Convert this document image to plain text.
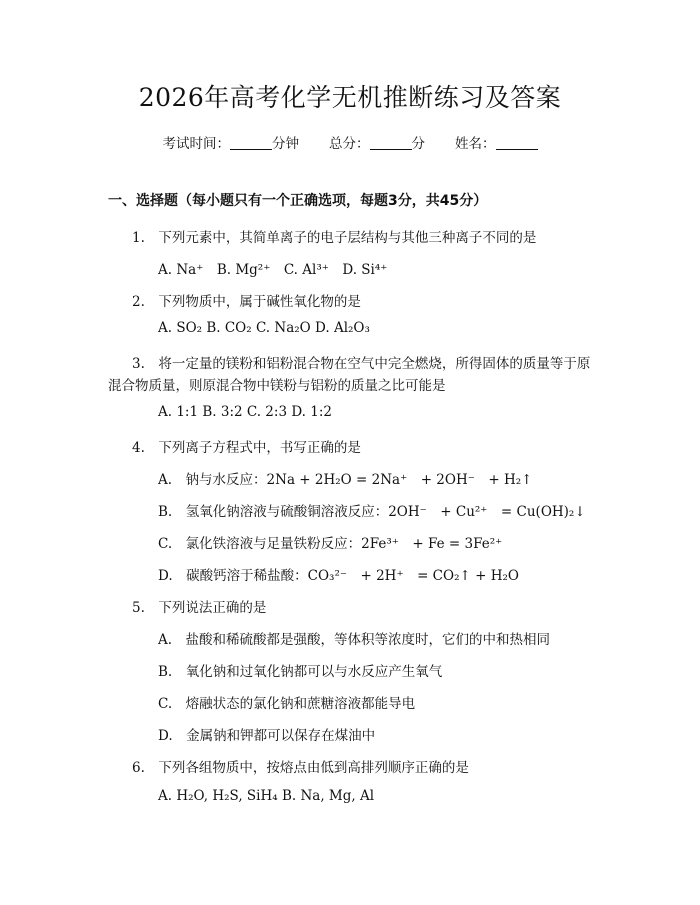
2026年高考化学无机推断练习及答案
考试时间：	分钟 总分：	分 姓名：
一、选择题（每小题只有一个正确选项，每题3分，共45分）
1.　下列元素中，其简单离子的电子层结构与其他三种离子不同的是
A. Na⁺　B. Mg²⁺　C. Al³⁺　D. Si⁴⁺
2.　下列物质中，属于碱性氧化物的是
A. SO₂ B. CO₂ C. Na₂O D. Al₂O₃
3.　将一定量的镁粉和铝粉混合物在空气中完全燃烧，所得固体的质量等于原
混合物质量，则原混合物中镁粉与铝粉的质量之比可能是
A. 1:1 B. 3:2 C. 2:3 D. 1:2
4.　下列离子方程式中，书写正确的是
A.　钠与水反应：2Na + 2H₂O = 2Na⁺　+ 2OH⁻　+ H₂↑
B.　氢氧化钠溶液与硫酸铜溶液反应：2OH⁻　+ Cu²⁺　= Cu(OH)₂↓
C.　氯化铁溶液与足量铁粉反应：2Fe³⁺　+ Fe = 3Fe²⁺
D.　碳酸钙溶于稀盐酸：CO₃²⁻　+ 2H⁺　= CO₂↑ + H₂O
5.　下列说法正确的是
A.　盐酸和稀硫酸都是强酸，等体积等浓度时，它们的中和热相同
B.　氧化钠和过氧化钠都可以与水反应产生氧气
C.　熔融状态的氯化钠和蔗糖溶液都能导电
D.　金属钠和钾都可以保存在煤油中
6.　下列各组物质中，按熔点由低到高排列顺序正确的是
A. H₂O, H₂S, SiH₄ B. Na, Mg, Al
